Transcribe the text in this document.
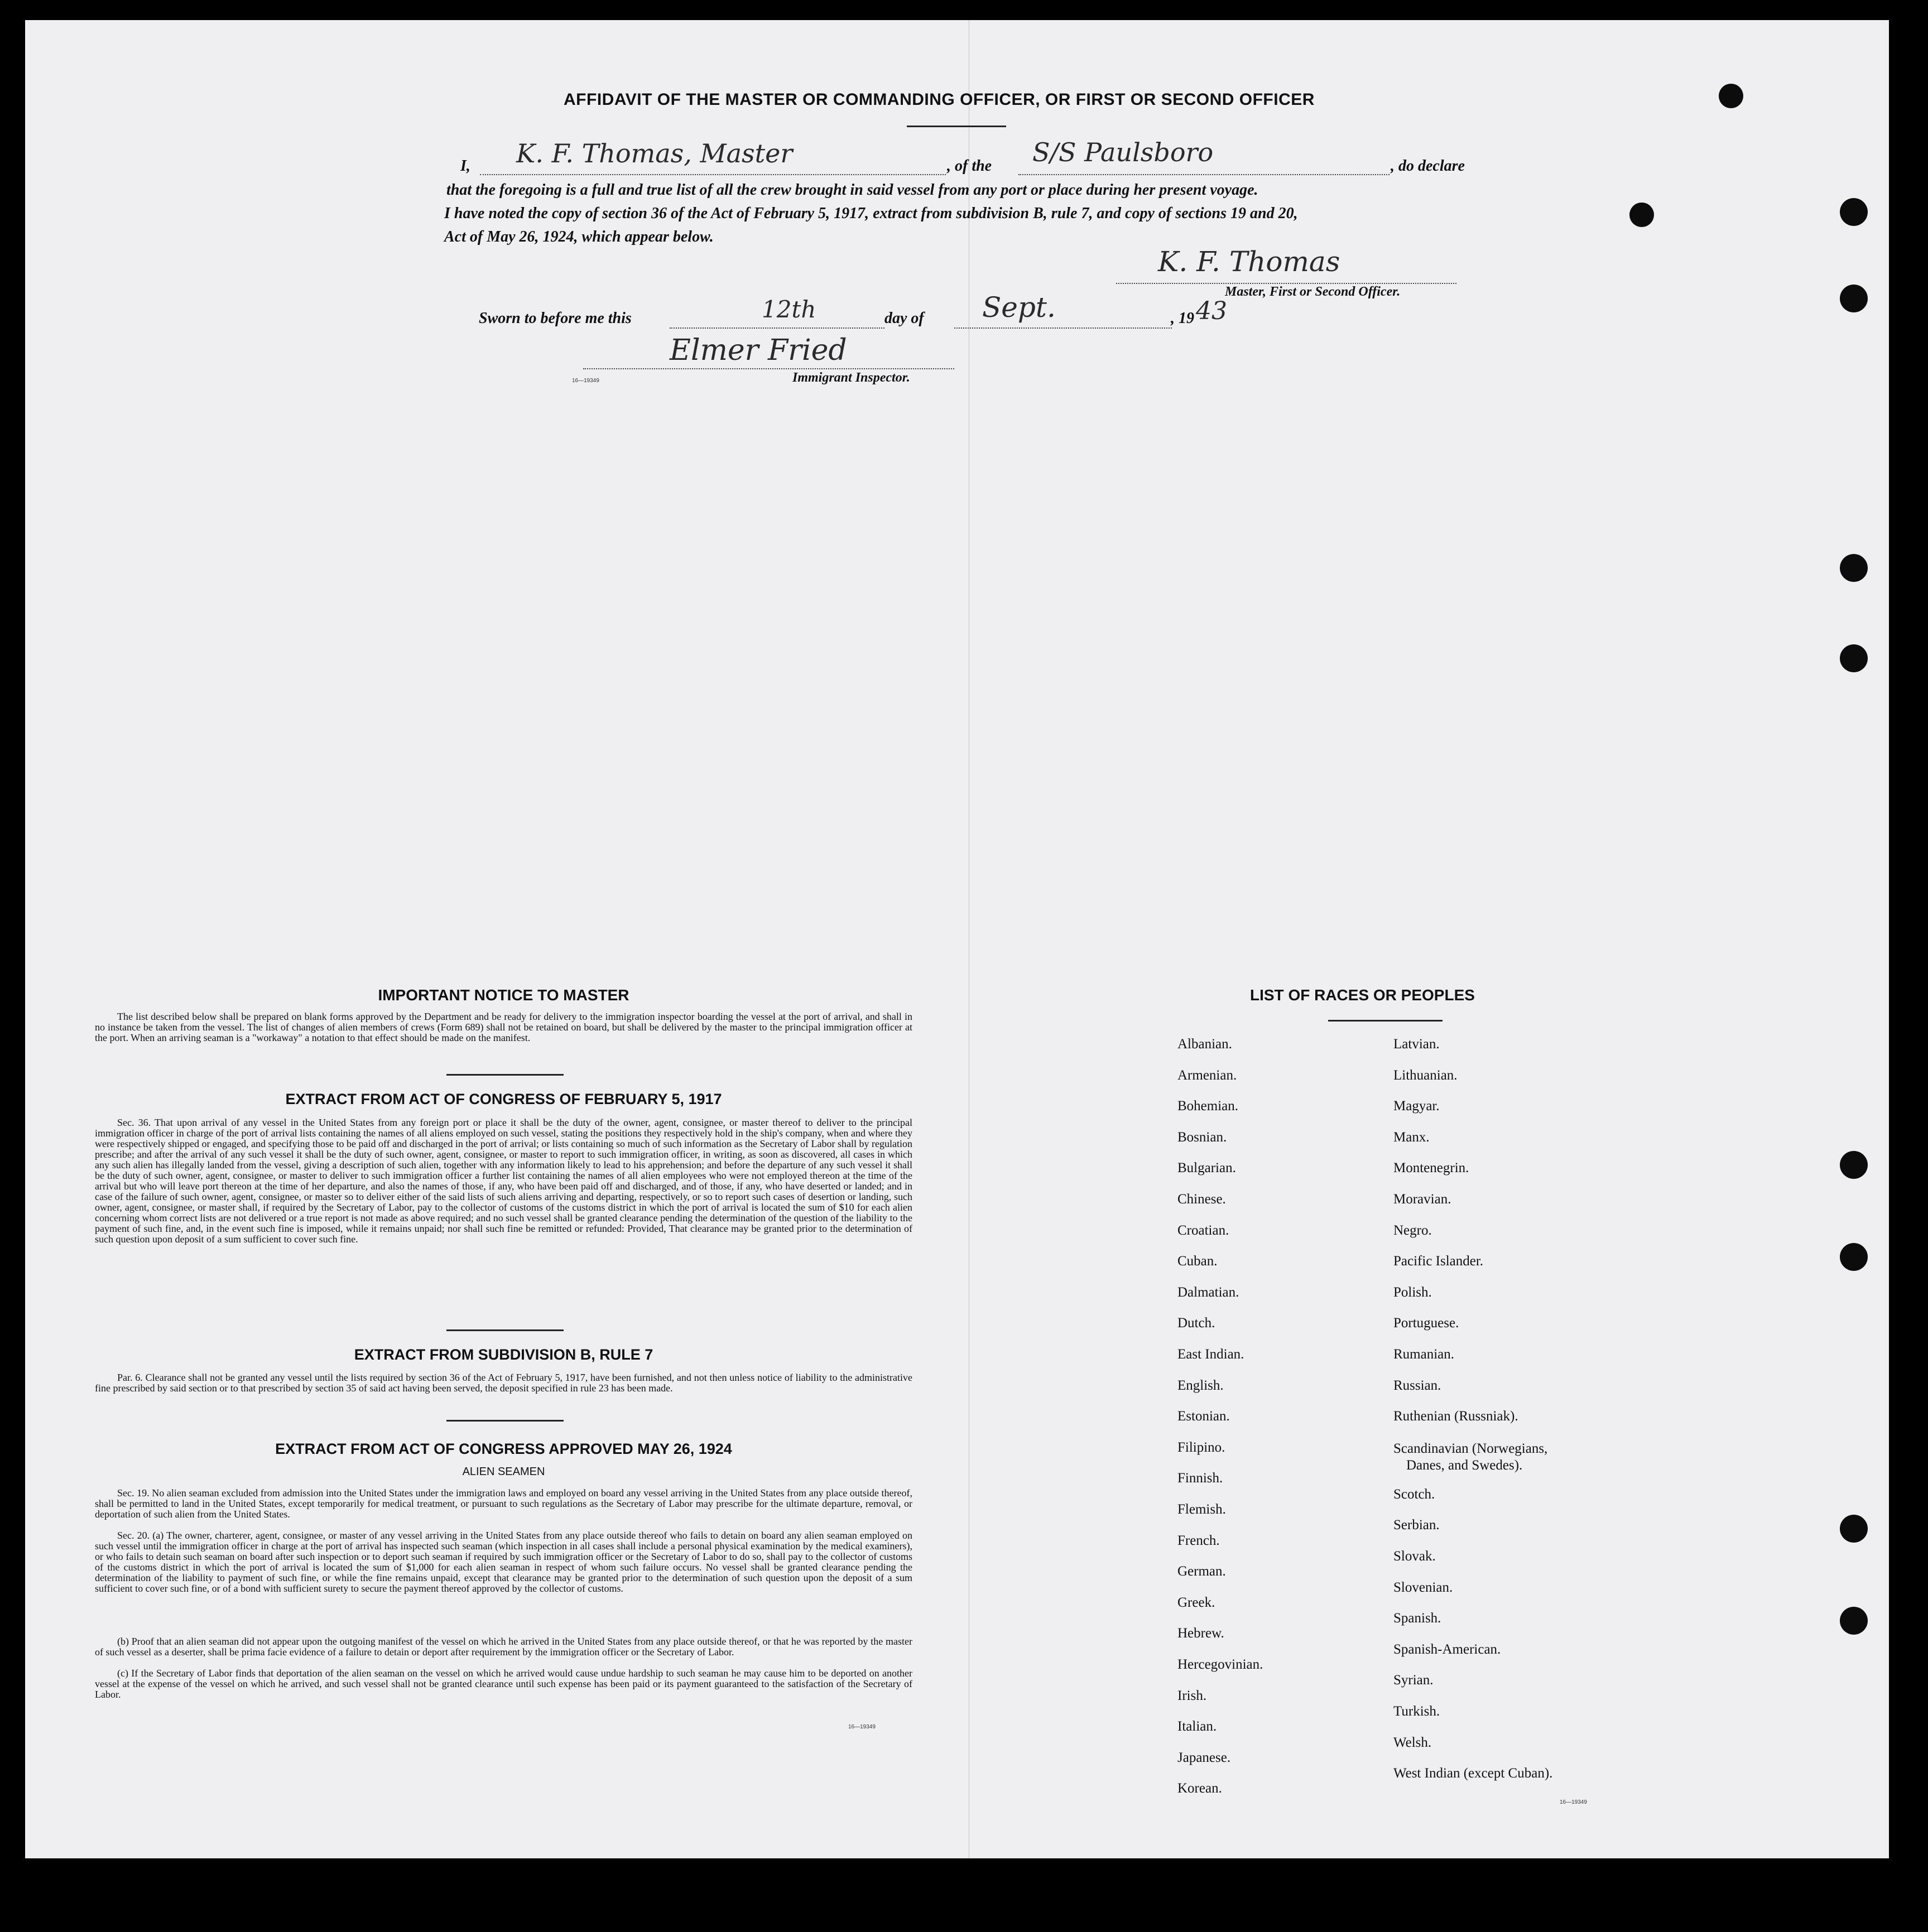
AFFIDAVIT OF THE MASTER OR COMMANDING OFFICER, OR FIRST OR SECOND OFFICER
I, K. F. Thomas, Master	, of the S/S Paulsboro	, do declare
that the foregoing is a full and true list of all the crew brought in said vessel from any port or place during her present voyage.
I have noted the copy of section 36 of the Act of February 5, 1917, extract from subdivision B, rule 7, and copy of sections 19 and 20,
Act of May 26, 1924, which appear below.
K. F. Thomas
Master, First or Second Officer.
Sworn to before me this	12th	day of Sept.	, 19 43
Elmer Fried
16—19349	Immigrant Inspector.
IMPORTANT NOTICE TO MASTER

The list described below shall be prepared on blank forms approved by the Department and be ready for delivery to the immigration inspector boarding the vessel at the port of arrival, and shall in no instance be taken from the vessel. The list of changes of alien members of crews (Form 689) shall not be retained on board, but shall be delivered by the master to the principal immigration officer at the port. When an arriving seaman is a "workaway" a notation to that effect should be made on the manifest.

EXTRACT FROM ACT OF CONGRESS OF FEBRUARY 5, 1917

Sec. 36. That upon arrival of any vessel in the United States from any foreign port or place it shall be the duty of the owner, agent, consignee, or master thereof to deliver to the principal immigration officer in charge of the port of arrival lists containing the names of all aliens employed on such vessel, stating the positions they respectively hold in the ship's company, when and where they were respectively shipped or engaged, and specifying those to be paid off and discharged in the port of arrival; or lists containing so much of such information as the Secretary of Labor shall by regulation prescribe; and after the arrival of any such vessel it shall be the duty of such owner, agent, consignee, or master to report to such immigration officer, in writing, as soon as discovered, all cases in which any such alien has illegally landed from the vessel, giving a description of such alien, together with any information likely to lead to his apprehension; and before the departure of any such vessel it shall be the duty of such owner, agent, consignee, or master to deliver to such immigration officer a further list containing the names of all alien employees who were not employed thereon at the time of the arrival but who will leave port thereon at the time of her departure, and also the names of those, if any, who have been paid off and discharged, and of those, if any, who have deserted or landed; and in case of the failure of such owner, agent, consignee, or master so to deliver either of the said lists of such aliens arriving and departing, respectively, or so to report such cases of desertion or landing, such owner, agent, consignee, or master shall, if required by the Secretary of Labor, pay to the collector of customs of the customs district in which the port of arrival is located the sum of $10 for each alien concerning whom correct lists are not delivered or a true report is not made as above required; and no such vessel shall be granted clearance pending the determination of the question of the liability to the payment of such fine, and, in the event such fine is imposed, while it remains unpaid; nor shall such fine be remitted or refunded: Provided, That clearance may be granted prior to the determination of such question upon deposit of a sum sufficient to cover such fine.

EXTRACT FROM SUBDIVISION B, RULE 7

Par. 6. Clearance shall not be granted any vessel until the lists required by section 36 of the Act of February 5, 1917, have been furnished, and not then unless notice of liability to the administrative fine prescribed by said section or to that prescribed by section 35 of said act having been served, the deposit specified in rule 23 has been made.

EXTRACT FROM ACT OF CONGRESS APPROVED MAY 26, 1924
ALIEN SEAMEN

Sec. 19. No alien seaman excluded from admission into the United States under the immigration laws and employed on board any vessel arriving in the United States from any place outside thereof, shall be permitted to land in the United States, except temporarily for medical treatment, or pursuant to such regulations as the Secretary of Labor may prescribe for the ultimate departure, removal, or deportation of such alien from the United States.

Sec. 20. (a) The owner, charterer, agent, consignee, or master of any vessel arriving in the United States from any place outside thereof who fails to detain on board any alien seaman employed on such vessel until the immigration officer in charge at the port of arrival has inspected such seaman (which inspection in all cases shall include a personal physical examination by the medical examiners), or who fails to detain such seaman on board after such inspection or to deport such seaman if required by such immigration officer or the Secretary of Labor to do so, shall pay to the collector of customs of the customs district in which the port of arrival is located the sum of $1,000 for each alien seaman in respect of whom such failure occurs. No vessel shall be granted clearance pending the determination of the liability to payment of such fine, or while the fine remains unpaid, except that clearance may be granted prior to the determination of such question upon the deposit of a sum sufficient to cover such fine, or of a bond with sufficient surety to secure the payment thereof approved by the collector of customs.

(b) Proof that an alien seaman did not appear upon the outgoing manifest of the vessel on which he arrived in the United States from any place outside thereof, or that he was reported by the master of such vessel as a deserter, shall be prima facie evidence of a failure to detain or deport after requirement by the immigration officer or the Secretary of Labor.

(c) If the Secretary of Labor finds that deportation of the alien seaman on the vessel on which he arrived would cause undue hardship to such seaman he may cause him to be deported on another vessel at the expense of the vessel on which he arrived, and such vessel shall not be granted clearance until such expense has been paid or its payment guaranteed to the satisfaction of the Secretary of Labor.

16—19349
LIST OF RACES OR PEOPLES
Albanian.
Armenian.
Bohemian.
Bosnian.
Bulgarian.
Chinese.
Croatian.
Cuban.
Dalmatian.
Dutch.
East Indian.
English.
Estonian.
Filipino.
Finnish.
Flemish.
French.
German.
Greek.
Hebrew.
Hercegovinian.
Irish.
Italian.
Japanese.
Korean.
Latvian.
Lithuanian.
Magyar.
Manx.
Montenegrin.
Moravian.
Negro.
Pacific Islander.
Polish.
Portuguese.
Rumanian.
Russian.
Ruthenian (Russniak).
Scandinavian (Norwegians,
Danes, and Swedes).
Scotch.
Serbian.
Slovak.
Slovenian.
Spanish.
Spanish-American.
Syrian.
Turkish.
Welsh.
West Indian (except Cuban).
16—19349
